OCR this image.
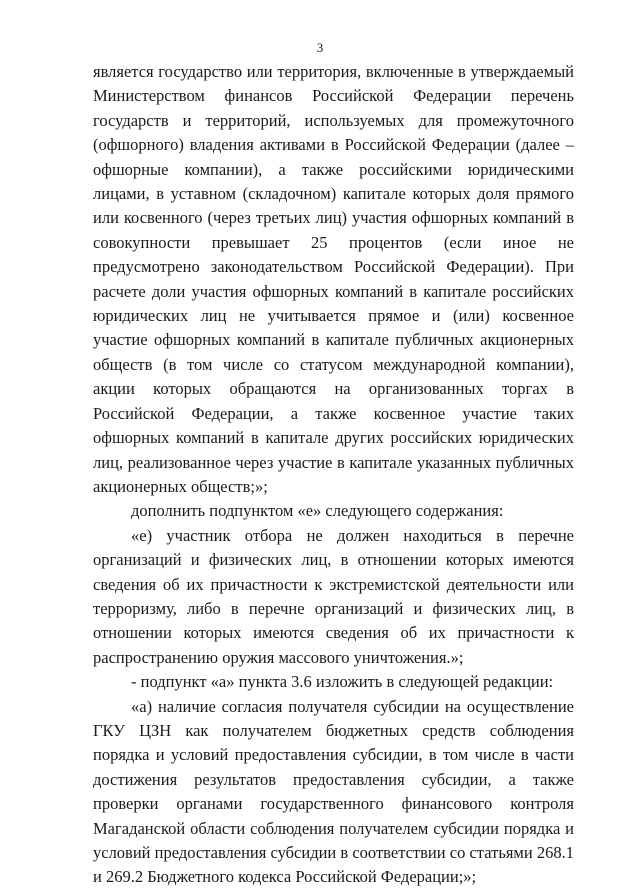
3

является государство или территория, включенные в утверждаемый Министерством финансов Российской Федерации перечень государств и территорий, используемых для промежуточного (офшорного) владения активами в Российской Федерации (далее – офшорные компании), а также российскими юридическими лицами, в уставном (складочном) капитале которых доля прямого или косвенного (через третьих лиц) участия офшорных компаний в совокупности превышает 25 процентов (если иное не предусмотрено законодательством Российской Федерации). При расчете доли участия офшорных компаний в капитале российских юридических лиц не учитывается прямое и (или) косвенное участие офшорных компаний в капитале публичных акционерных обществ (в том числе со статусом международной компании), акции которых обращаются на организованных торгах в Российской Федерации, а также косвенное участие таких офшорных компаний в капитале других российских юридических лиц, реализованное через участие в капитале указанных публичных акционерных обществ;»;

дополнить подпунктом «е» следующего содержания:

«е) участник отбора не должен находиться в перечне организаций и физических лиц, в отношении которых имеются сведения об их причастности к экстремистской деятельности или терроризму, либо в перечне организаций и физических лиц, в отношении которых имеются сведения об их причастности к распространению оружия массового уничтожения.»;

- подпункт «а» пункта 3.6 изложить в следующей редакции:

«а) наличие согласия получателя субсидии на осуществление ГКУ ЦЗН как получателем бюджетных средств соблюдения порядка и условий предоставления субсидии, в том числе в части достижения результатов предоставления субсидии, а также проверки органами государственного финансового контроля Магаданской области соблюдения получателем субсидии порядка и условий предоставления субсидии в соответствии со статьями 268.1 и 269.2 Бюджетного кодекса Российской Федерации;»;
